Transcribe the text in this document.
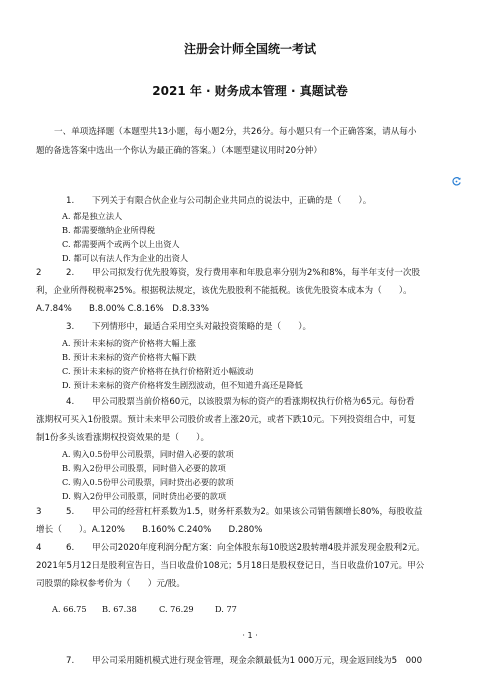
注册会计师全国统一考试
2021 年 · 财务成本管理 · 真题试卷
一、单项选择题（本题型共13小题，每小题2分，共26分。每小题只有一个正确答案，请从每小
题的备选答案中选出一个你认为最正确的答案。）（本题型建议用时20分钟）
1. 下列关于有限合伙企业与公司制企业共同点的说法中，正确的是（　　）。
A. 都是独立法人
B. 都需要缴纳企业所得税
C. 都需要两个或两个以上出资人
D. 都可以有法人作为企业的出资人
2	2. 甲公司拟发行优先股筹资，发行费用率和年股息率分别为2%和8%，每半年支付一次股
利，企业所得税税率25%。根据税法规定，该优先股股利不能抵税。该优先股资本成本为（　　）。
A.7.84%　　B.8.00% C.8.16%　D.8.33%
3. 下列情形中，最适合采用空头对敲投资策略的是（　　）。
A. 预计未来标的资产价格将大幅上涨
B. 预计未来标的资产价格将大幅下跌
C. 预计未来标的资产价格将在执行价格附近小幅波动
D. 预计未来标的资产价格将发生剧烈波动，但不知道升高还是降低
4. 甲公司股票当前价格60元，以该股票为标的资产的看涨期权执行价格为65元。每份看
涨期权可买入1份股票。预计未来甲公司股价或者上涨20元，或者下跌10元。下列投资组合中，可复
制1份多头该看涨期权投资效果的是（　　）。
A. 购入0.5份甲公司股票，同时借入必要的款项
B. 购入2份甲公司股票，同时借入必要的款项
C. 购入0.5份甲公司股票，同时贷出必要的款项
D. 购入2份甲公司股票，同时贷出必要的款项
3	5. 甲公司的经营杠杆系数为1.5，财务杆系数为2。如果该公司销售额增长80%，每股收益
增长（　　）。A.120%　　B.160% C.240%　　D.280%
4	6. 甲公司2020年度利润分配方案：向全体股东每10股送2股转增4股并派发现金股利2元。
2021年5月12日是股利宣告日，当日收盘价108元；5月18日是股权登记日，当日收盘价107元。甲公
司股票的除权参考价为（　　）元/股。
A. 66.75 B. 67.38	C. 76.29	D. 77
· 1 ·
7. 甲公司采用随机模式进行现金管理，现金余额最低为1 000万元，现金返回线为5　000
